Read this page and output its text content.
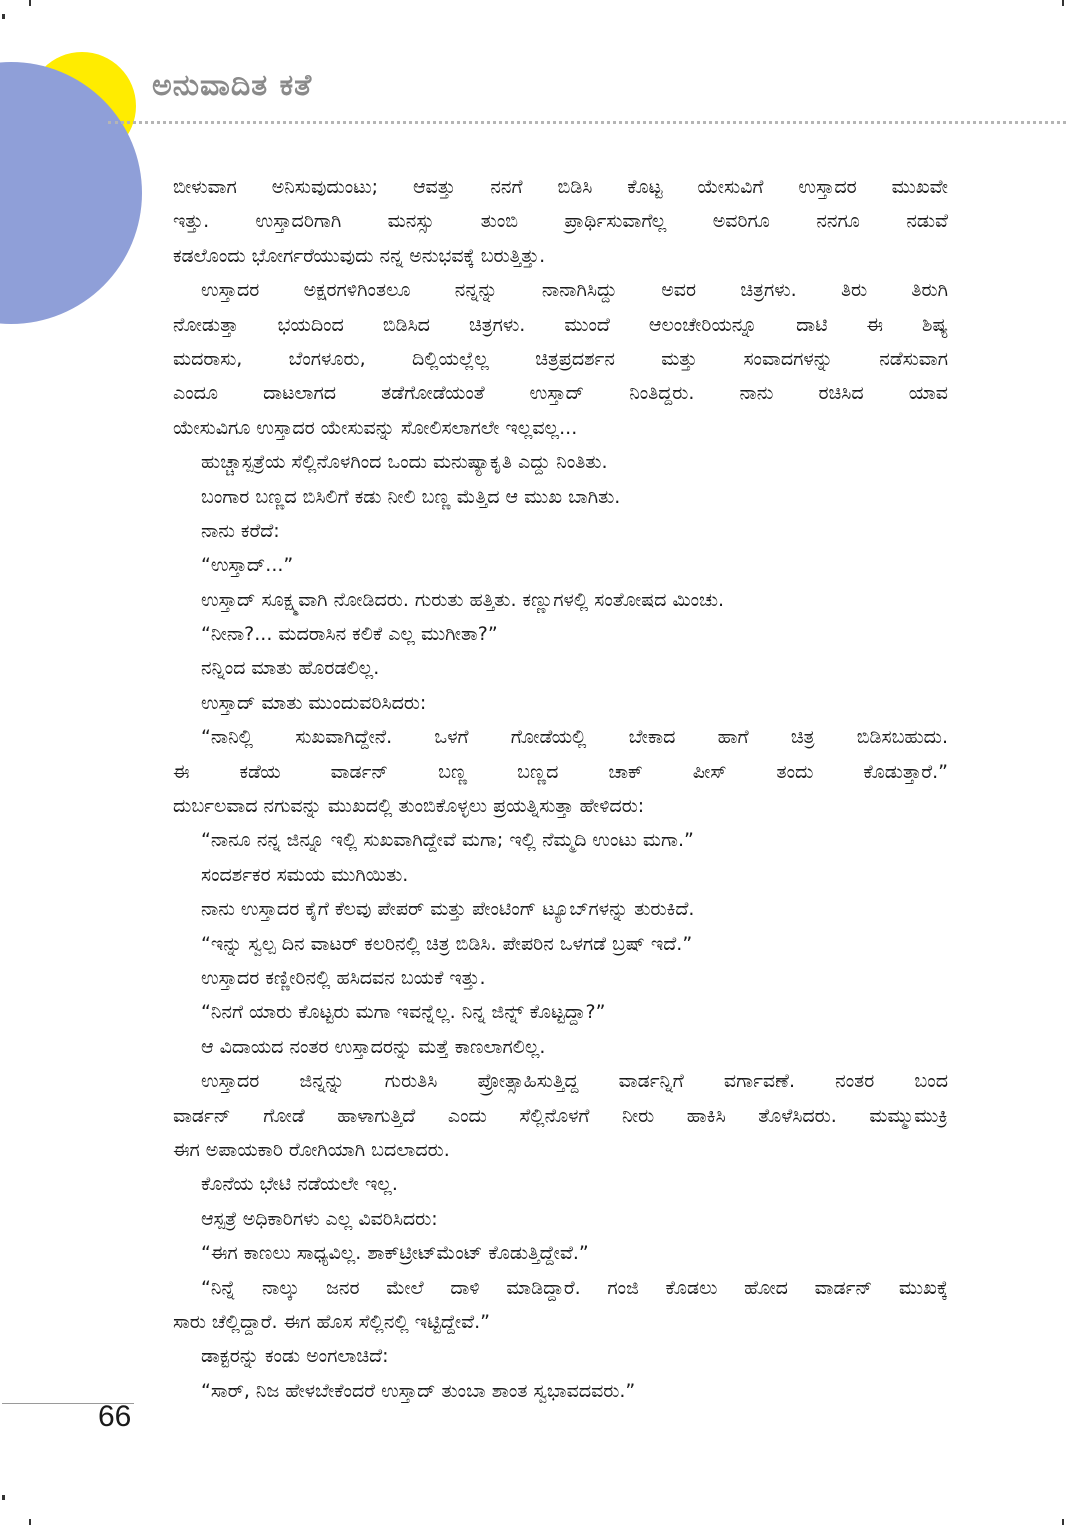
ಅನುವಾದಿತ ಕತೆ
ಬೀಳುವಾಗ ಅನಿಸುವುದುಂಟು; ಆವತ್ತು ನನಗೆ ಬಿಡಿಸಿ ಕೊಟ್ಟ ಯೇಸುವಿಗೆ ಉಸ್ತಾದರ ಮುಖವೇ
ಇತ್ತು. ಉಸ್ತಾದರಿಗಾಗಿ ಮನಸ್ಸು ತುಂಬಿ ಪ್ರಾರ್ಥಿಸುವಾಗೆಲ್ಲ ಅವರಿಗೂ ನನಗೂ ನಡುವೆ
ಕಡಲೊಂದು ಭೋರ್ಗರೆಯುವುದು ನನ್ನ ಅನುಭವಕ್ಕೆ ಬರುತ್ತಿತ್ತು.
ಉಸ್ತಾದರ ಅಕ್ಷರಗಳಿಗಿಂತಲೂ ನನ್ನನ್ನು ನಾನಾಗಿಸಿದ್ದು ಅವರ ಚಿತ್ರಗಳು. ತಿರು ತಿರುಗಿ
ನೋಡುತ್ತಾ ಭಯದಿಂದ ಬಿಡಿಸಿದ ಚಿತ್ರಗಳು. ಮುಂದೆ ಆಲಂಚೇರಿಯನ್ನೂ ದಾಟಿ ಈ ಶಿಷ್ಯ
ಮದರಾಸು, ಬೆಂಗಳೂರು, ದಿಲ್ಲಿಯಲ್ಲೆಲ್ಲ ಚಿತ್ರಪ್ರದರ್ಶನ ಮತ್ತು ಸಂವಾದಗಳನ್ನು ನಡೆಸುವಾಗ
ಎಂದೂ ದಾಟಲಾಗದ ತಡೆಗೋಡೆಯಂತೆ ಉಸ್ತಾದ್ ನಿಂತಿದ್ದರು. ನಾನು ರಚಿಸಿದ ಯಾವ
ಯೇಸುವಿಗೂ ಉಸ್ತಾದರ ಯೇಸುವನ್ನು ಸೋಲಿಸಲಾಗಲೇ ಇಲ್ಲವಲ್ಲ...
ಹುಚ್ಚಾಸ್ಪತ್ರೆಯ ಸೆಲ್ಲಿನೊಳಗಿಂದ ಒಂದು ಮನುಷ್ಯಾಕೃತಿ ಎದ್ದು ನಿಂತಿತು.
ಬಂಗಾರ ಬಣ್ಣದ ಬಿಸಿಲಿಗೆ ಕಡು ನೀಲಿ ಬಣ್ಣ ಮೆತ್ತಿದ ಆ ಮುಖ ಬಾಗಿತು.
ನಾನು ಕರೆದೆ:
“ಉಸ್ತಾದ್...”
ಉಸ್ತಾದ್ ಸೂಕ್ಷ್ಮವಾಗಿ ನೋಡಿದರು. ಗುರುತು ಹತ್ತಿತು. ಕಣ್ಣುಗಳಲ್ಲಿ ಸಂತೋಷದ ಮಿಂಚು.
“ನೀನಾ?... ಮದರಾಸಿನ ಕಲಿಕೆ ಎಲ್ಲ ಮುಗೀತಾ?”
ನನ್ನಿಂದ ಮಾತು ಹೊರಡಲಿಲ್ಲ.
ಉಸ್ತಾದ್ ಮಾತು ಮುಂದುವರಿಸಿದರು:
“ನಾನಿಲ್ಲಿ ಸುಖವಾಗಿದ್ದೇನೆ. ಒಳಗೆ ಗೋಡೆಯಲ್ಲಿ ಬೇಕಾದ ಹಾಗೆ ಚಿತ್ರ ಬಿಡಿಸಬಹುದು.
ಈ ಕಡೆಯ ವಾರ್ಡನ್ ಬಣ್ಣ ಬಣ್ಣದ ಚಾಕ್ ಪೀಸ್ ತಂದು ಕೊಡುತ್ತಾರೆ.”
ದುರ್ಬಲವಾದ ನಗುವನ್ನು ಮುಖದಲ್ಲಿ ತುಂಬಿಕೊಳ್ಳಲು ಪ್ರಯತ್ನಿಸುತ್ತಾ ಹೇಳಿದರು:
“ನಾನೂ ನನ್ನ ಜಿನ್ನೂ ಇಲ್ಲಿ ಸುಖವಾಗಿದ್ದೇವೆ ಮಗಾ; ಇಲ್ಲಿ ನೆಮ್ಮದಿ ಉಂಟು ಮಗಾ.”
ಸಂದರ್ಶಕರ ಸಮಯ ಮುಗಿಯಿತು.
ನಾನು ಉಸ್ತಾದರ ಕೈಗೆ ಕೆಲವು ಪೇಪರ್ ಮತ್ತು ಪೇಂಟಿಂಗ್ ಟ್ಯೂಬ್‌ಗಳನ್ನು ತುರುಕಿದೆ.
“ಇನ್ನು ಸ್ವಲ್ಪ ದಿನ ವಾಟರ್ ಕಲರಿನಲ್ಲಿ ಚಿತ್ರ ಬಿಡಿಸಿ. ಪೇಪರಿನ ಒಳಗಡೆ ಬ್ರಷ್ ಇದೆ.”
ಉಸ್ತಾದರ ಕಣ್ಣೀರಿನಲ್ಲಿ ಹಸಿದವನ ಬಯಕೆ ಇತ್ತು.
“ನಿನಗೆ ಯಾರು ಕೊಟ್ಟರು ಮಗಾ ಇವನ್ನೆಲ್ಲ. ನಿನ್ನ ಜಿನ್ನ್ ಕೊಟ್ಟದ್ದಾ?”
ಆ ವಿದಾಯದ ನಂತರ ಉಸ್ತಾದರನ್ನು ಮತ್ತೆ ಕಾಣಲಾಗಲಿಲ್ಲ.
ಉಸ್ತಾದರ ಜಿನ್ನನ್ನು ಗುರುತಿಸಿ ಪ್ರೋತ್ಸಾಹಿಸುತ್ತಿದ್ದ ವಾರ್ಡನ್ನಿಗೆ ವರ್ಗಾವಣೆ. ನಂತರ ಬಂದ
ವಾರ್ಡನ್ ಗೋಡೆ ಹಾಳಾಗುತ್ತಿದೆ ಎಂದು ಸೆಲ್ಲಿನೊಳಗೆ ನೀರು ಹಾಕಿಸಿ ತೊಳೆಸಿದರು. ಮಮ್ಮುಮುಕ್ರಿ
ಈಗ ಅಪಾಯಕಾರಿ ರೋಗಿಯಾಗಿ ಬದಲಾದರು.
ಕೊನೆಯ ಭೇಟಿ ನಡೆಯಲೇ ಇಲ್ಲ.
ಆಸ್ಪತ್ರೆ ಅಧಿಕಾರಿಗಳು ಎಲ್ಲ ವಿವರಿಸಿದರು:
“ಈಗ ಕಾಣಲು ಸಾಧ್ಯವಿಲ್ಲ. ಶಾಕ್‌ಟ್ರೀಟ್‌ಮೆಂಟ್ ಕೊಡುತ್ತಿದ್ದೇವೆ.”
“ನಿನ್ನೆ ನಾಲ್ಕು ಜನರ ಮೇಲೆ ದಾಳಿ ಮಾಡಿದ್ದಾರೆ. ಗಂಜಿ ಕೊಡಲು ಹೋದ ವಾರ್ಡನ್ ಮುಖಕ್ಕೆ
ಸಾರು ಚೆಲ್ಲಿದ್ದಾರೆ. ಈಗ ಹೊಸ ಸೆಲ್ಲಿನಲ್ಲಿ ಇಟ್ಟಿದ್ದೇವೆ.”
ಡಾಕ್ಟರನ್ನು ಕಂಡು ಅಂಗಲಾಚಿದೆ:
“ಸಾರ್, ನಿಜ ಹೇಳಬೇಕೆಂದರೆ ಉಸ್ತಾದ್ ತುಂಬಾ ಶಾಂತ ಸ್ವಭಾವದವರು.”
66
